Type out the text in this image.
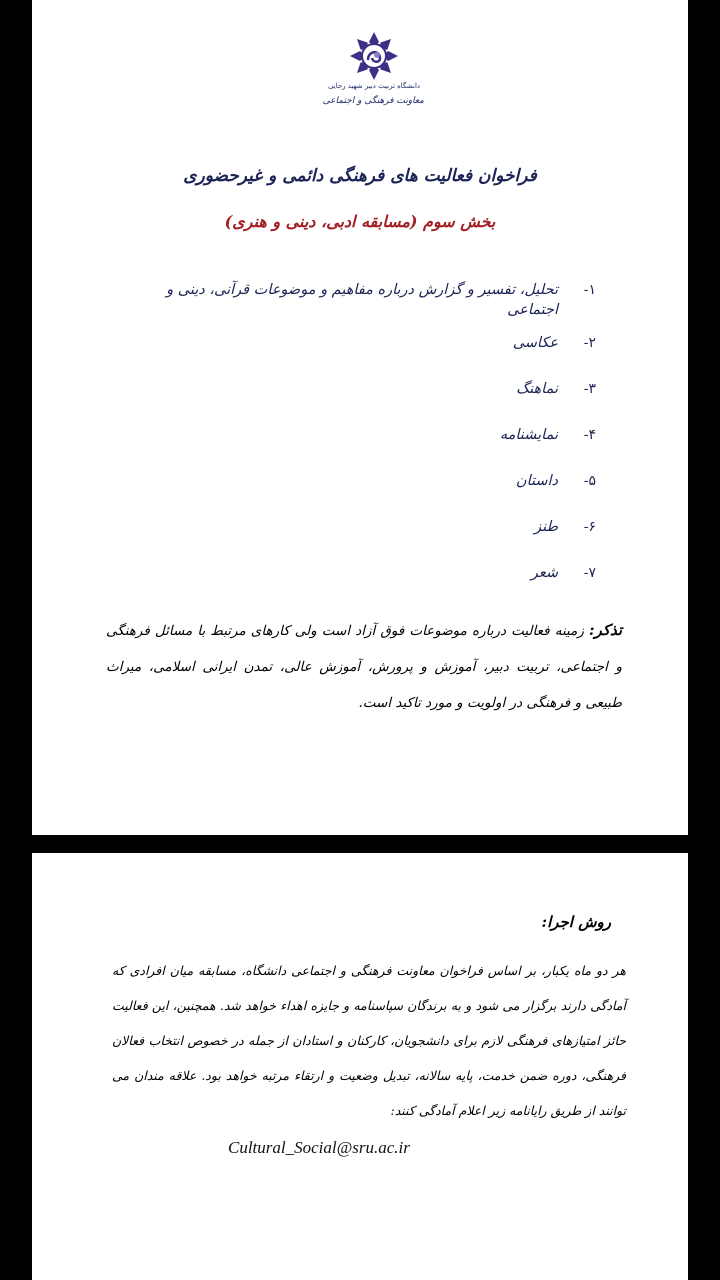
دانشگاه تربیت دبیر شهید رجایی
معاونت فرهنگی و اجتماعی
فراخوان فعالیت های فرهنگی دائمی و غیرحضوری
بخش سوم (مسابقه ادبی، دینی و هنری)
۱-
تحلیل، تفسیر و گزارش درباره مفاهیم و موضوعات قرآنی، دینی و اجتماعی
۲-
عکاسی
۳-
نماهنگ
۴-
نمایشنامه
۵-
داستان
۶-
طنز
۷-
شعر
تذکر: زمینه فعالیت درباره موضوعات فوق آزاد است ولی کارهای مرتبط با مسائل فرهنگی و اجتماعی، تربیت دبیر، آموزش و پرورش، آموزش عالی، تمدن ایرانی اسلامی، میراث طبیعی و فرهنگی در اولویت و مورد تاکید است.
روش اجرا:
هر دو ماه یکبار، بر اساس فراخوان معاونت فرهنگی و اجتماعی دانشگاه، مسابقه میان افرادی که آمادگی دارند برگزار می شود و به برندگان سپاسنامه و جایزه اهداء خواهد شد. همچنین، این فعالیت حائز امتیازهای فرهنگی لازم برای دانشجویان، کارکنان و استادان از جمله در خصوص انتخاب فعالان فرهنگی، دوره ضمن خدمت، پایه سالانه، تبدیل وضعیت و ارتقاء مرتبه خواهد بود. علاقه مندان می توانند از طریق رایانامه زیر اعلام آمادگی کنند:
Cultural_Social@sru.ac.ir
